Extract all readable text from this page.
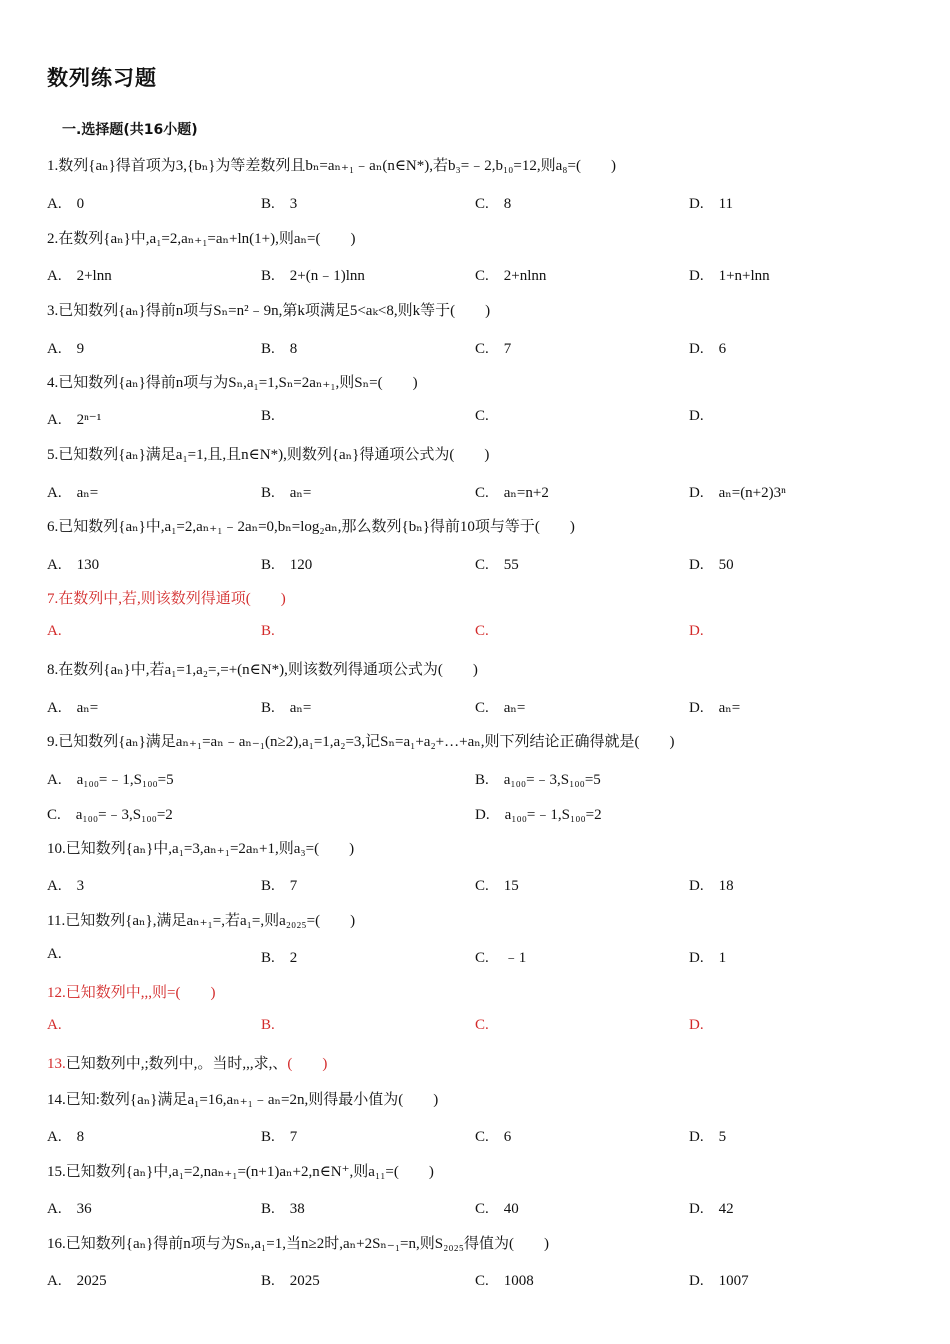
数列练习题
一.选择题(共16小题)
1.数列{aₙ}得首项为3,{bₙ}为等差数列且bₙ=aₙ₊₁﹣aₙ(n∈N*),若b₃=﹣2,b₁₀=12,则a₈=(　　)
A.　0	B.　3	C.　8	D.　11
2.在数列{aₙ}中,a₁=2,aₙ₊₁=aₙ+ln(1+),则aₙ=(　　)
A.　2+lnn	B.　2+(n﹣1)lnn	C.　2+nlnn	D.　1+n+lnn
3.已知数列{aₙ}得前n项与Sₙ=n²﹣9n,第k项满足5<aₖ<8,则k等于(　　)
A.　9	B.　8	C.　7	D.　6
4.已知数列{aₙ}得前n项与为Sₙ,a₁=1,Sₙ=2aₙ₊₁,则Sₙ=(　　)
A.　2ⁿ⁻¹	B.	C.	D.
5.已知数列{aₙ}满足a₁=1,且,且n∈N*),则数列{aₙ}得通项公式为(　　)
A.　aₙ=	B.　aₙ=	C.　aₙ=n+2	D.　aₙ=(n+2)3ⁿ
6.已知数列{aₙ}中,a₁=2,aₙ₊₁﹣2aₙ=0,bₙ=log₂aₙ,那么数列{bₙ}得前10项与等于(　　)
A.　130	B.　120	C.　55	D.　50
7.在数列中,若,则该数列得通项(　　)
A.	B.	C.	D.
8.在数列{aₙ}中,若a₁=1,a₂=,=+(n∈N*),则该数列得通项公式为(　　)
A.　aₙ=	B.　aₙ=	C.　aₙ=	D.　aₙ=
9.已知数列{aₙ}满足aₙ₊₁=aₙ﹣aₙ₋₁(n≥2),a₁=1,a₂=3,记Sₙ=a₁+a₂+…+aₙ,则下列结论正确得就是(　　)
A.　a₁₀₀=﹣1,S₁₀₀=5	B.　a₁₀₀=﹣3,S₁₀₀=5
C.　a₁₀₀=﹣3,S₁₀₀=2	D.　a₁₀₀=﹣1,S₁₀₀=2
10.已知数列{aₙ}中,a₁=3,aₙ₊₁=2aₙ+1,则a₃=(　　)
A.　3	B.　7	C.　15	D.　18
11.已知数列{aₙ},满足aₙ₊₁=,若a₁=,则a₂₀₂₅=(　　)
A.	B.　2	C.　﹣1	D.　1
12.已知数列中,,,则=(　　)
A.	B.	C.	D.
13.已知数列中,;数列中,。当时,,,求,、(　　)
14.已知:数列{aₙ}满足a₁=16,aₙ₊₁﹣aₙ=2n,则得最小值为(　　)
A.　8	B.　7	C.　6	D.　5
15.已知数列{aₙ}中,a₁=2,naₙ₊₁=(n+1)aₙ+2,n∈N⁺,则a₁₁=(　　)
A.　36	B.　38	C.　40	D.　42
16.已知数列{aₙ}得前n项与为Sₙ,a₁=1,当n≥2时,aₙ+2Sₙ₋₁=n,则S₂₀₂₅得值为(　　)
A.　2025	B.　2025	C.　1008	D.　1007
